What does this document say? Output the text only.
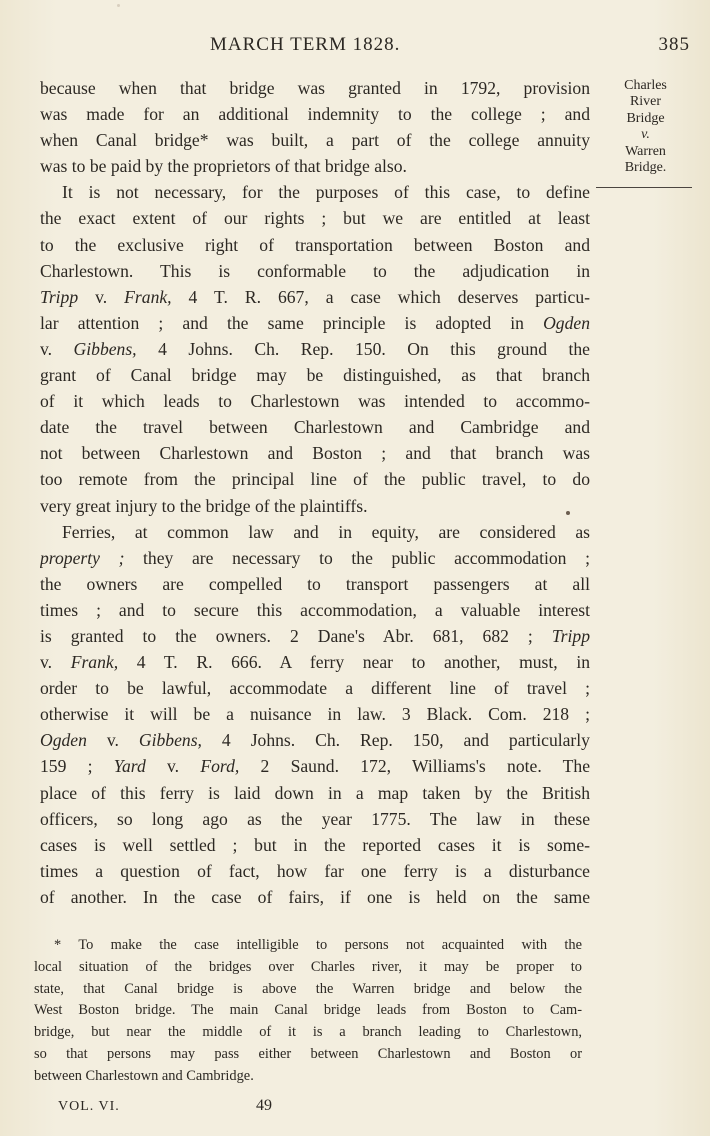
MARCH TERM 1828.	385
because when that bridge was granted in 1792, provision
was made for an additional indemnity to the college ; and
when Canal bridge* was built, a part of the college annuity
was to be paid by the proprietors of that bridge also.
It is not necessary, for the purposes of this case, to define
the exact extent of our rights ; but we are entitled at least
to the exclusive right of transportation between Boston and
Charlestown. This is conformable to the adjudication in
Tripp v. Frank, 4 T. R. 667, a case which deserves particu-
lar attention ; and the same principle is adopted in Ogden
v. Gibbens, 4 Johns. Ch. Rep. 150. On this ground the
grant of Canal bridge may be distinguished, as that branch
of it which leads to Charlestown was intended to accommo-
date the travel between Charlestown and Cambridge and
not between Charlestown and Boston ; and that branch was
too remote from the principal line of the public travel, to do
very great injury to the bridge of the plaintiffs.
Ferries, at common law and in equity, are considered as
property ; they are necessary to the public accommodation ;
the owners are compelled to transport passengers at all
times ; and to secure this accommodation, a valuable interest
is granted to the owners. 2 Dane's Abr. 681, 682 ; Tripp
v. Frank, 4 T. R. 666. A ferry near to another, must, in
order to be lawful, accommodate a different line of travel ;
otherwise it will be a nuisance in law. 3 Black. Com. 218 ;
Ogden v. Gibbens, 4 Johns. Ch. Rep. 150, and particularly
159 ; Yard v. Ford, 2 Saund. 172, Williams's note. The
place of this ferry is laid down in a map taken by the British
officers, so long ago as the year 1775. The law in these
cases is well settled ; but in the reported cases it is some-
times a question of fact, how far one ferry is a disturbance
of another. In the case of fairs, if one is held on the same
Charles
River
Bridge
v.
Warren
Bridge.
* To make the case intelligible to persons not acquainted with the
local situation of the bridges over Charles river, it may be proper to
state, that Canal bridge is above the Warren bridge and below the
West Boston bridge. The main Canal bridge leads from Boston to Cam-
bridge, but near the middle of it is a branch leading to Charlestown,
so that persons may pass either between Charlestown and Boston or
between Charlestown and Cambridge.
VOL. VI.	49
